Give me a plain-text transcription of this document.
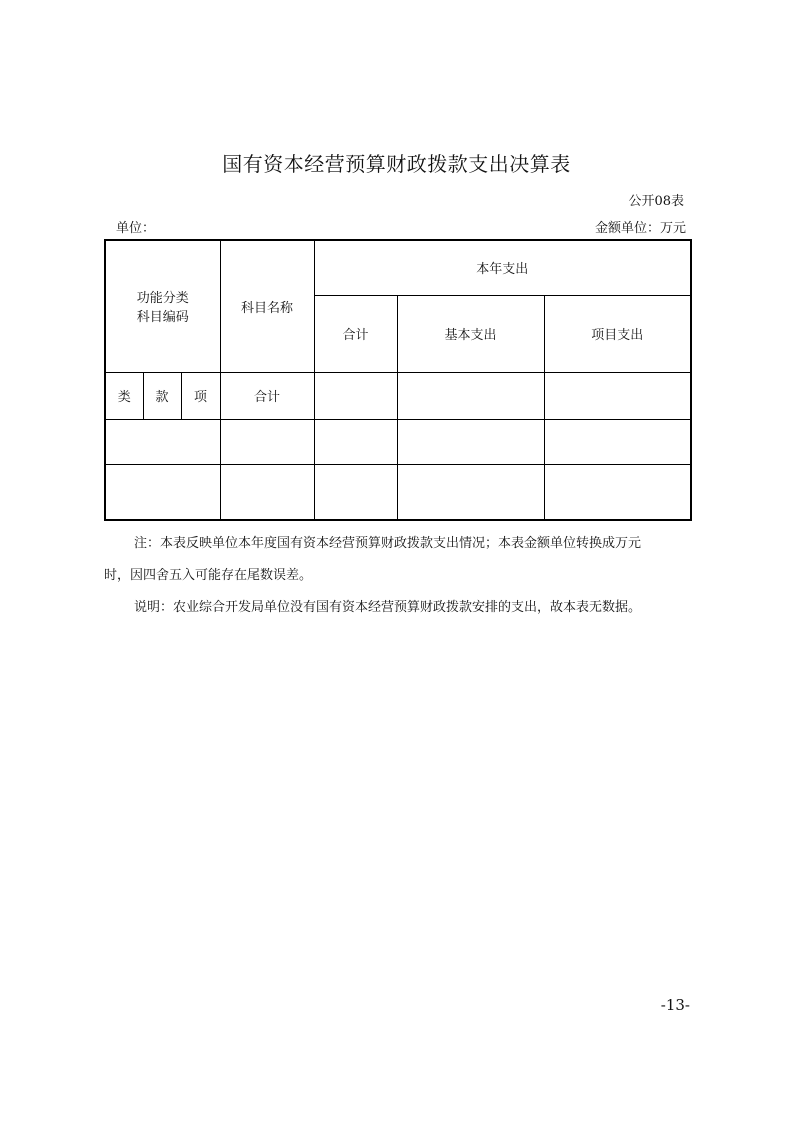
国有资本经营预算财政拨款支出决算表
公开08表
单位：	金额单位：万元
功能分类
科目编码			科目名称	本年支出		
				合计	基本支出	项目支出
类	款	项	合计			

注：本表反映单位本年度国有资本经营预算财政拨款支出情况；本表金额单位转换成万元
时，因四舍五入可能存在尾数误差。
说明：农业综合开发局单位没有国有资本经营预算财政拨款安排的支出，故本表无数据。
-13-
